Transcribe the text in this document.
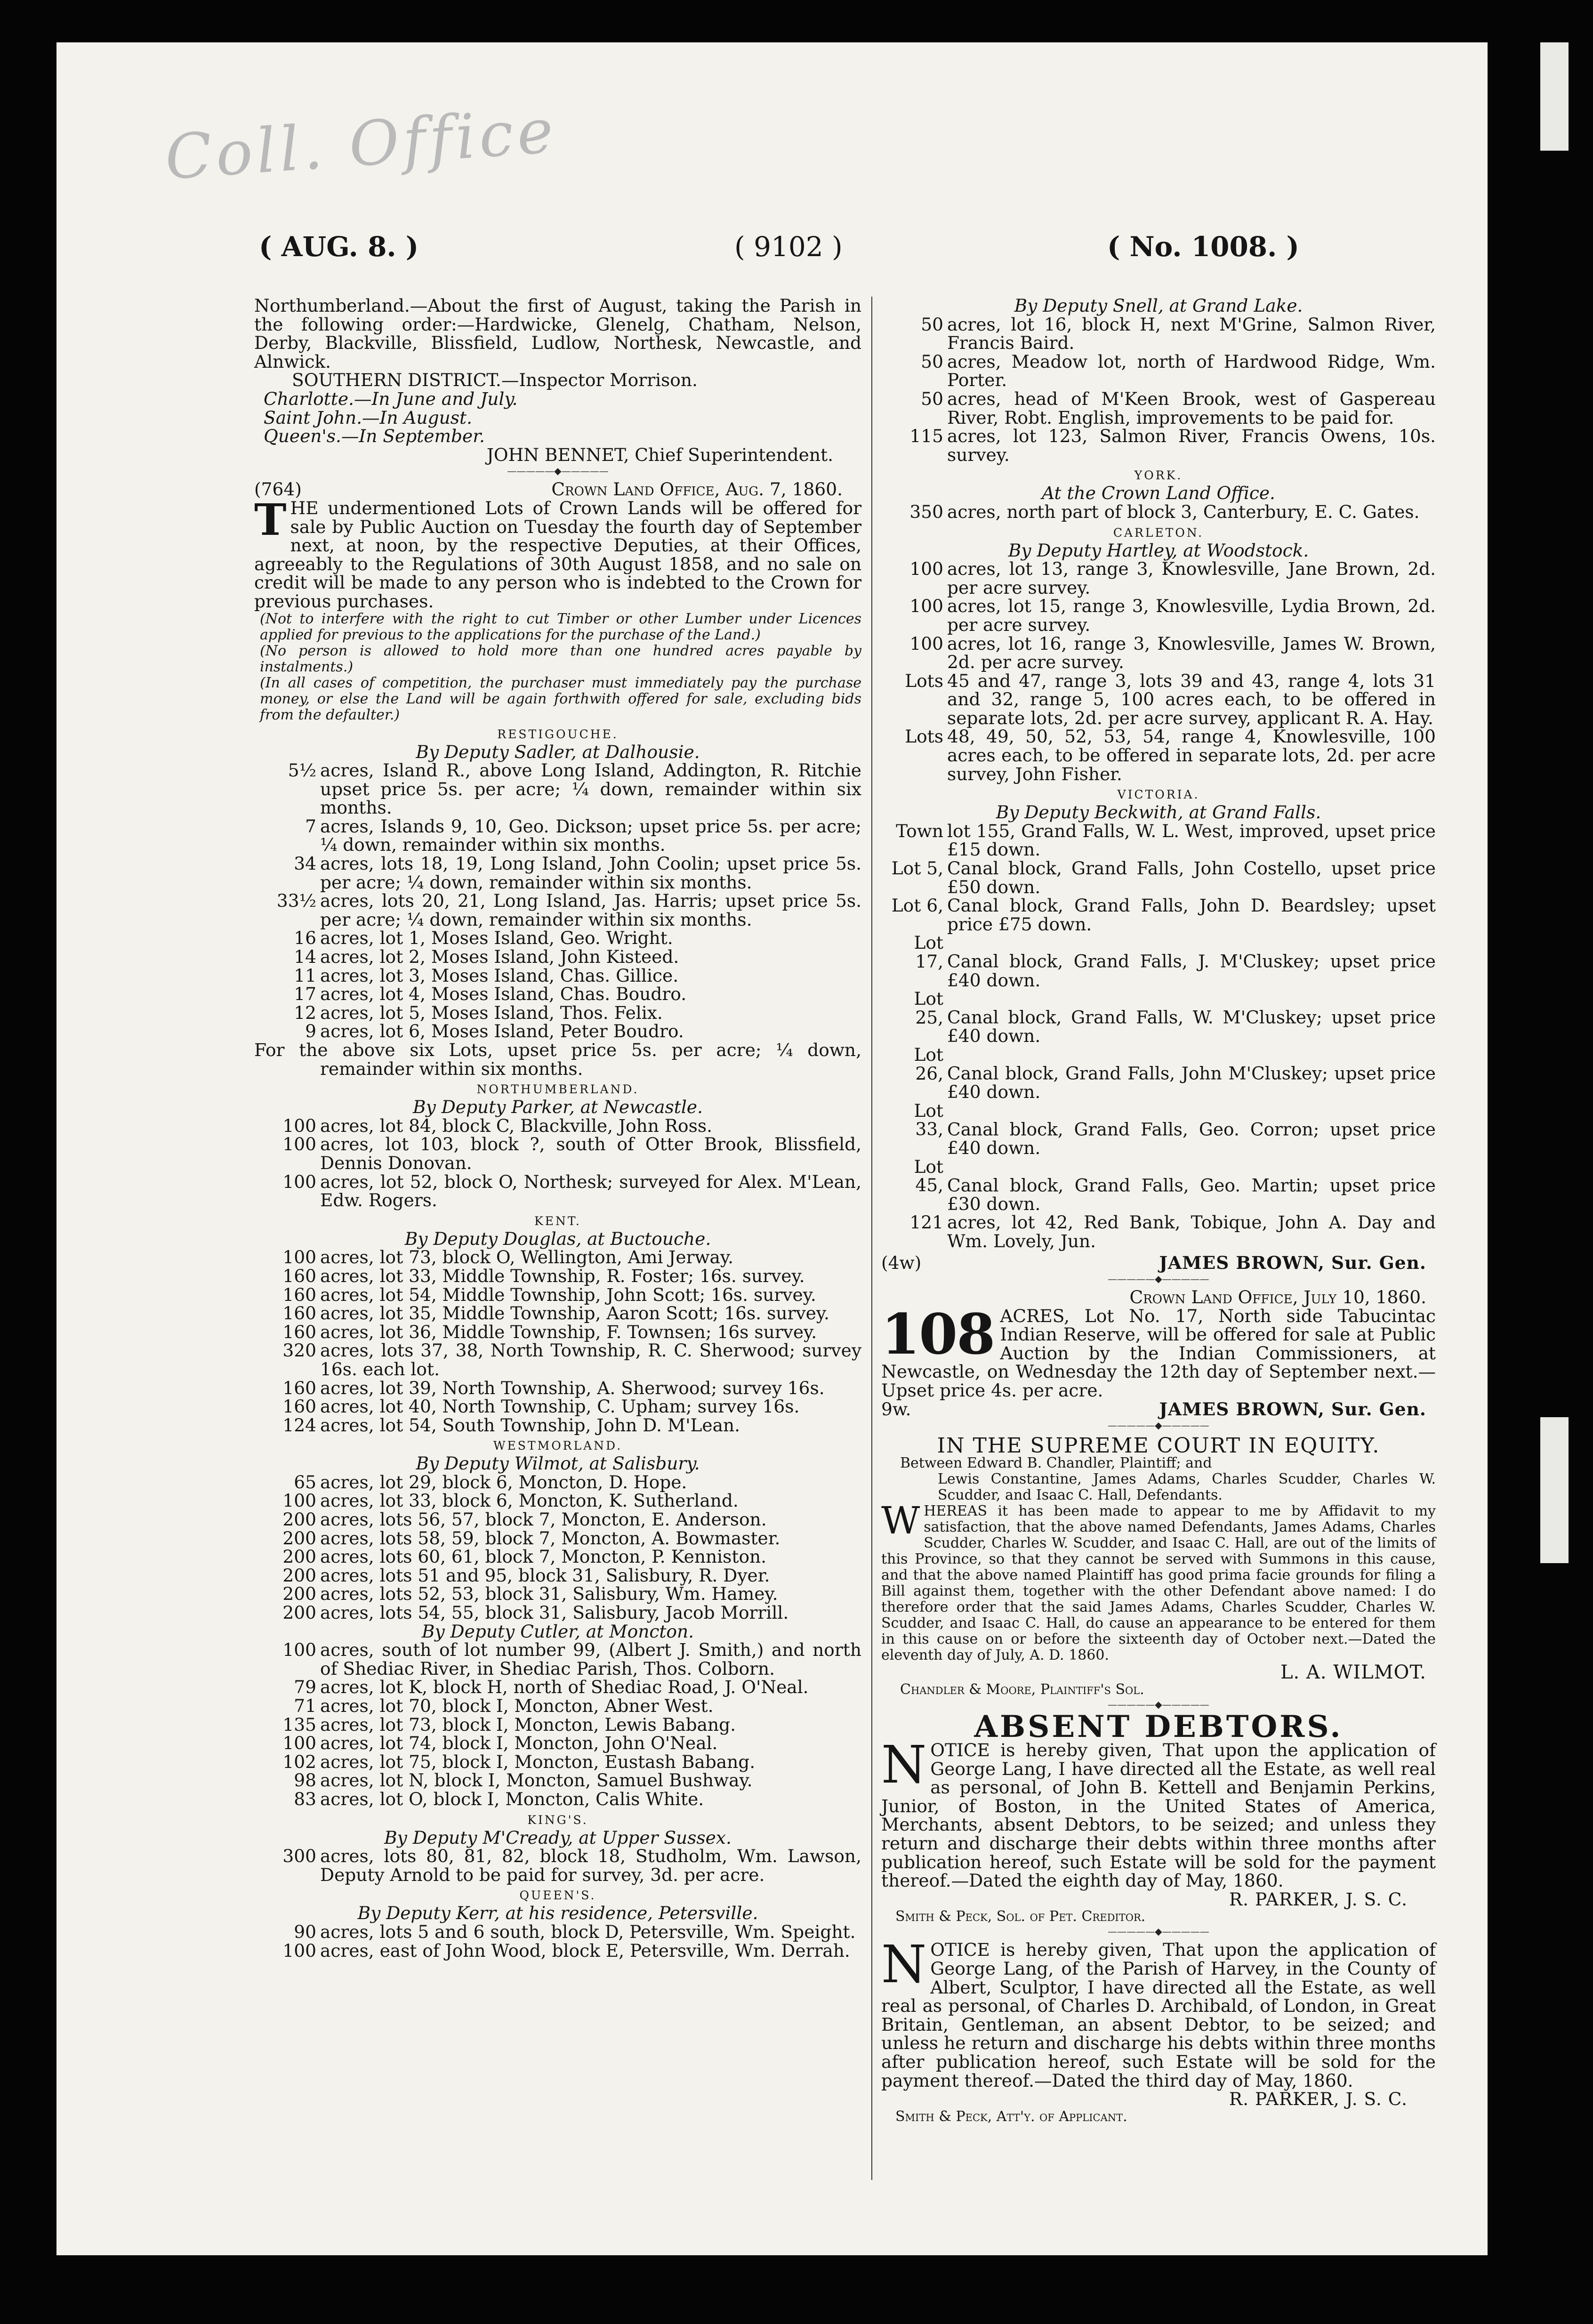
Coll. Office
( AUG. 8. )	( 9102 )	( No. 1008. )

Northumberland.—About the first of August, taking the Parish in the following order:—Hardwicke, Glenelg, Chatham, Nelson, Derby, Blackville, Blissfield, Ludlow, Northesk, Newcastle, and Alnwick.

SOUTHERN DISTRICT.—Inspector Morrison.

Charlotte.—In June and July.

Saint John.—In August.

Queen's.—In September.

JOHN BENNET, Chief Superintendent.

—————◆—————
(764)	Crown Land Office, Aug. 7, 1860.

THE undermentioned Lots of Crown Lands will be offered for sale by Public Auction on Tuesday the fourth day of September next, at noon, by the respective Deputies, at their Offices, agreeably to the Regulations of 30th August 1858, and no sale on credit will be made to any person who is indebted to the Crown for previous purchases.

(Not to interfere with the right to cut Timber or other Lumber under Licences applied for previous to the applications for the purchase of the Land.)

(No person is allowed to hold more than one hundred acres payable by instalments.)

(In all cases of competition, the purchaser must immediately pay the purchase money, or else the Land will be again forthwith offered for sale, excluding bids from the defaulter.)

RESTIGOUCHE.

By Deputy Sadler, at Dalhousie.

5½ acres, Island R., above Long Island, Addington, R. Ritchie upset price 5s. per acre; ¼ down, remainder within six months.
7 acres, Islands 9, 10, Geo. Dickson; upset price 5s. per acre; ¼ down, remainder within six months.
34 acres, lots 18, 19, Long Island, John Coolin; upset price 5s. per acre; ¼ down, remainder within six months.
33½ acres, lots 20, 21, Long Island, Jas. Harris; upset price 5s. per acre; ¼ down, remainder within six months.
16 acres, lot 1, Moses Island, Geo. Wright.
14 acres, lot 2, Moses Island, John Kisteed.
11 acres, lot 3, Moses Island, Chas. Gillice.
17 acres, lot 4, Moses Island, Chas. Boudro.
12 acres, lot 5, Moses Island, Thos. Felix.
9 acres, lot 6, Moses Island, Peter Boudro.

For the above six Lots, upset price 5s. per acre; ¼ down, remainder within six months.

NORTHUMBERLAND.

By Deputy Parker, at Newcastle.

100 acres, lot 84, block C, Blackville, John Ross.
100 acres, lot 103, block ?, south of Otter Brook, Blissfield, Dennis Donovan.
100 acres, lot 52, block O, Northesk; surveyed for Alex. M'Lean, Edw. Rogers.
KENT.

By Deputy Douglas, at Buctouche.

100 acres, lot 73, block O, Wellington, Ami Jerway.
160 acres, lot 33, Middle Township, R. Foster; 16s. survey.
160 acres, lot 54, Middle Township, John Scott; 16s. survey.
160 acres, lot 35, Middle Township, Aaron Scott; 16s. survey.
160 acres, lot 36, Middle Township, F. Townsen; 16s survey.
320 acres, lots 37, 38, North Township, R. C. Sherwood; survey 16s. each lot.
160 acres, lot 39, North Township, A. Sherwood; survey 16s.
160 acres, lot 40, North Township, C. Upham; survey 16s.
124 acres, lot 54, South Township, John D. M'Lean.
WESTMORLAND.

By Deputy Wilmot, at Salisbury.

65 acres, lot 29, block 6, Moncton, D. Hope.
100 acres, lot 33, block 6, Moncton, K. Sutherland.
200 acres, lots 56, 57, block 7, Moncton, E. Anderson.
200 acres, lots 58, 59, block 7, Moncton, A. Bowmaster.
200 acres, lots 60, 61, block 7, Moncton, P. Kenniston.
200 acres, lots 51 and 95, block 31, Salisbury, R. Dyer.
200 acres, lots 52, 53, block 31, Salisbury, Wm. Hamey.
200 acres, lots 54, 55, block 31, Salisbury, Jacob Morrill.

By Deputy Cutler, at Moncton.

100 acres, south of lot number 99, (Albert J. Smith,) and north of Shediac River, in Shediac Parish, Thos. Colborn.
79 acres, lot K, block H, north of Shediac Road, J. O'Neal.
71 acres, lot 70, block I, Moncton, Abner West.
135 acres, lot 73, block I, Moncton, Lewis Babang.
100 acres, lot 74, block I, Moncton, John O'Neal.
102 acres, lot 75, block I, Moncton, Eustash Babang.
98 acres, lot N, block I, Moncton, Samuel Bushway.
83 acres, lot O, block I, Moncton, Calis White.
KING'S.

By Deputy M'Cready, at Upper Sussex.

300 acres, lots 80, 81, 82, block 18, Studholm, Wm. Lawson, Deputy Arnold to be paid for survey, 3d. per acre.
QUEEN'S.

By Deputy Kerr, at his residence, Petersville.

90 acres, lots 5 and 6 south, block D, Petersville, Wm. Speight.
100 acres, east of John Wood, block E, Petersville, Wm. Derrah.

By Deputy Snell, at Grand Lake.

50 acres, lot 16, block H, next M'Grine, Salmon River, Francis Baird.
50 acres, Meadow lot, north of Hardwood Ridge, Wm. Porter.
50 acres, head of M'Keen Brook, west of Gaspereau River, Robt. English, improvements to be paid for.
115 acres, lot 123, Salmon River, Francis Owens, 10s. survey.
YORK.

At the Crown Land Office.

350 acres, north part of block 3, Canterbury, E. C. Gates.
CARLETON.

By Deputy Hartley, at Woodstock.

100 acres, lot 13, range 3, Knowlesville, Jane Brown, 2d. per acre survey.
100 acres, lot 15, range 3, Knowlesville, Lydia Brown, 2d. per acre survey.
100 acres, lot 16, range 3, Knowlesville, James W. Brown, 2d. per acre survey.
Lots 45 and 47, range 3, lots 39 and 43, range 4, lots 31 and 32, range 5, 100 acres each, to be offered in separate lots, 2d. per acre survey, applicant R. A. Hay.
Lots 48, 49, 50, 52, 53, 54, range 4, Knowlesville, 100 acres each, to be offered in separate lots, 2d. per acre survey, John Fisher.
VICTORIA.

By Deputy Beckwith, at Grand Falls.

Town lot 155, Grand Falls, W. L. West, improved, upset price £15 down.
Lot 5, Canal block, Grand Falls, John Costello, upset price £50 down.
Lot 6, Canal block, Grand Falls, John D. Beardsley; upset price £75 down.
Lot 17, Canal block, Grand Falls, J. M'Cluskey; upset price £40 down.
Lot 25, Canal block, Grand Falls, W. M'Cluskey; upset price £40 down.
Lot 26, Canal block, Grand Falls, John M'Cluskey; upset price £40 down.
Lot 33, Canal block, Grand Falls, Geo. Corron; upset price £40 down.
Lot 45, Canal block, Grand Falls, Geo. Martin; upset price £30 down.
121 acres, lot 42, Red Bank, Tobique, John A. Day and Wm. Lovely, Jun.
(4w)	JAMES BROWN, Sur. Gen.
—————◆—————

Crown Land Office, July 10, 1860.

108 ACRES, Lot No. 17, North side Tabucintac Indian Reserve, will be offered for sale at Public Auction by the Indian Commissioners, at Newcastle, on Wednesday the 12th day of September next.—Upset price 4s. per acre.

9w.	JAMES BROWN, Sur. Gen.
—————◆—————
IN THE SUPREME COURT IN EQUITY.

Between Edward B. Chandler, Plaintiff; and

Lewis Constantine, James Adams, Charles Scudder, Charles W. Scudder, and Isaac C. Hall, Defendants.

WHEREAS it has been made to appear to me by Affidavit to my satisfaction, that the above named Defendants, James Adams, Charles Scudder, Charles W. Scudder, and Isaac C. Hall, are out of the limits of this Province, so that they cannot be served with Summons in this cause, and that the above named Plaintiff has good prima facie grounds for filing a Bill against them, together with the other Defendant above named: I do therefore order that the said James Adams, Charles Scudder, Charles W. Scudder, and Isaac C. Hall, do cause an appearance to be entered for them in this cause on or before the sixteenth day of October next.—Dated the eleventh day of July, A. D. 1860.

L. A. WILMOT.

Chandler & Moore, Plaintiff's Sol.

—————◆—————
ABSENT DEBTORS.

NOTICE is hereby given, That upon the application of George Lang, I have directed all the Estate, as well real as personal, of John B. Kettell and Benjamin Perkins, Junior, of Boston, in the United States of America, Merchants, absent Debtors, to be seized; and unless they return and discharge their debts within three months after publication hereof, such Estate will be sold for the payment thereof.—Dated the eighth day of May, 1860.

R. PARKER, J. S. C.

Smith & Peck, Sol. of Pet. Creditor.

—————◆—————

NOTICE is hereby given, That upon the application of George Lang, of the Parish of Harvey, in the County of Albert, Sculptor, I have directed all the Estate, as well real as personal, of Charles D. Archibald, of London, in Great Britain, Gentleman, an absent Debtor, to be seized; and unless he return and discharge his debts within three months after publication hereof, such Estate will be sold for the payment thereof.—Dated the third day of May, 1860.

R. PARKER, J. S. C.

Smith & Peck, Att'y. of Applicant.
